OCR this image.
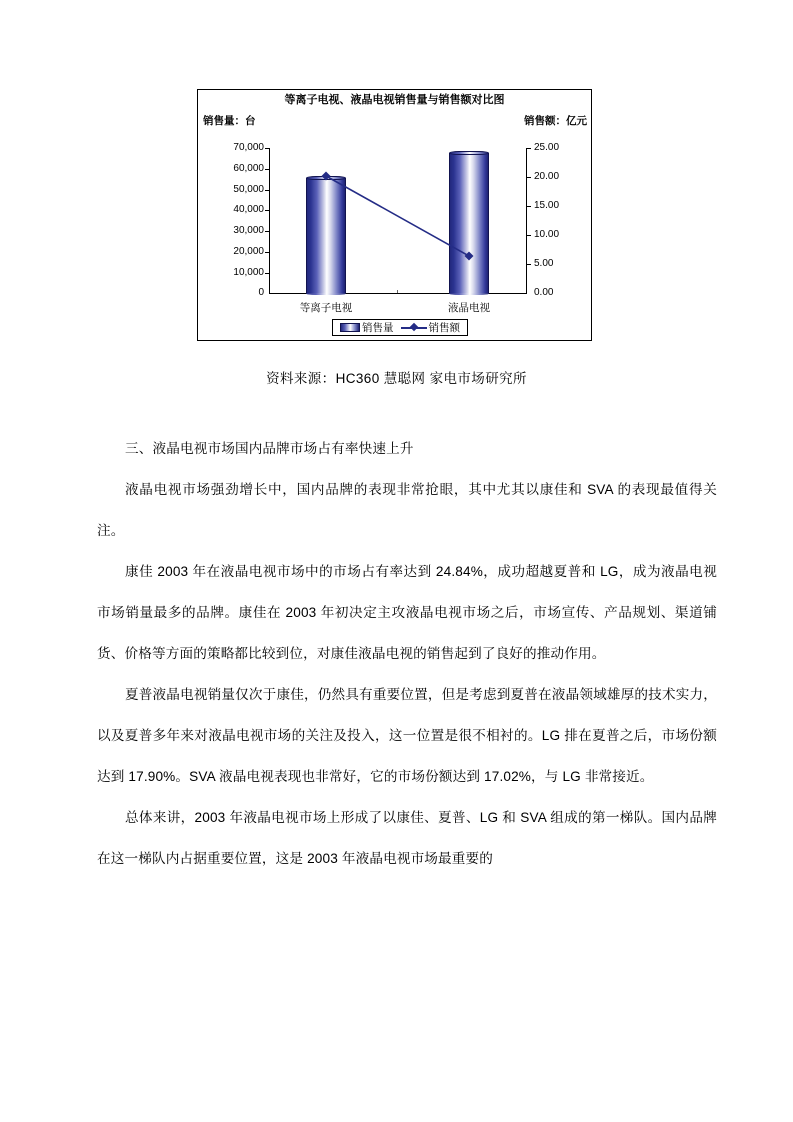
等离子电视、液晶电视销售量与销售额对比图
销售量：台	销售额：亿元
70,000
60,000
50,000
40,000
30,000
20,000
10,000
0
25.00
20.00
15.00
10.00
5.00
0.00
等离子电视	液晶电视
销售量	销售额
资料来源：HC360 慧聪网 家电市场研究所

三、液晶电视市场国内品牌市场占有率快速上升

液晶电视市场强劲增长中，国内品牌的表现非常抢眼，其中尤其以康佳和 SVA 的表现最值得关注。

康佳 2003 年在液晶电视市场中的市场占有率达到 24.84%，成功超越夏普和 LG，成为液晶电视市场销量最多的品牌。康佳在 2003 年初决定主攻液晶电视市场之后，市场宣传、产品规划、渠道铺货、价格等方面的策略都比较到位，对康佳液晶电视的销售起到了良好的推动作用。

夏普液晶电视销量仅次于康佳，仍然具有重要位置，但是考虑到夏普在液晶领域雄厚的技术实力，以及夏普多年来对液晶电视市场的关注及投入，这一位置是很不相衬的。LG 排在夏普之后，市场份额达到 17.90%。SVA 液晶电视表现也非常好，它的市场份额达到 17.02%，与 LG 非常接近。

总体来讲，2003 年液晶电视市场上形成了以康佳、夏普、LG 和 SVA 组成的第一梯队。国内品牌在这一梯队内占据重要位置，这是 2003 年液晶电视市场最重要的
